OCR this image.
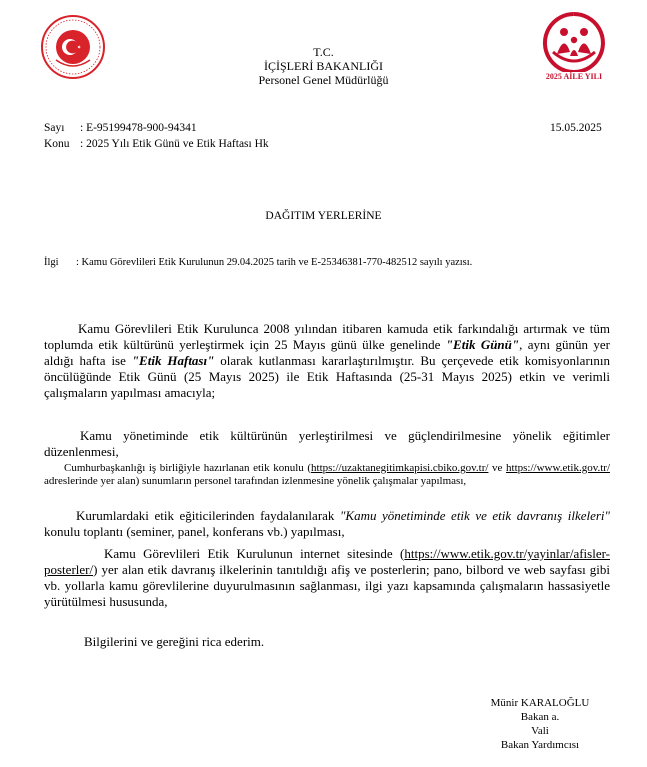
T.C.
İÇİŞLERİ BAKANLIĞI
Personel Genel Müdürlüğü	2025 AİLE YILI
Sayı : E-95199478-900-94341	15.05.2025
Konu : 2025 Yılı Etik Günü ve Etik Haftası Hk
DAĞITIM YERLERİNE
İlgi : Kamu Görevlileri Etik Kurulunun 29.04.2025 tarih ve E-25346381-770-482512 sayılı yazısı.
Kamu Görevlileri Etik Kurulunca 2008 yılından itibaren kamuda etik farkındalığı artırmak ve tüm toplumda etik kültürünü yerleştirmek için 25 Mayıs günü ülke genelinde "Etik Günü", aynı günün yer aldığı hafta ise "Etik Haftası" olarak kutlanması kararlaştırılmıştır. Bu çerçevede etik komisyonlarının öncülüğünde Etik Günü (25 Mayıs 2025) ile Etik Haftasında (25-31 Mayıs 2025) etkin ve verimli çalışmaların yapılması amacıyla;
Kamu yönetiminde etik kültürünün yerleştirilmesi ve güçlendirilmesine yönelik eğitimler düzenlenmesi,
Cumhurbaşkanlığı iş birliğiyle hazırlanan etik konulu (https://uzaktanegitimkapisi.cbiko.gov.tr/ ve https://www.etik.gov.tr/ adreslerinde yer alan) sunumların personel tarafından izlenmesine yönelik çalışmalar yapılması,
Kurumlardaki etik eğiticilerinden faydalanılarak "Kamu yönetiminde etik ve etik davranış ilkeleri" konulu toplantı (seminer, panel, konferans vb.) yapılması,
Kamu Görevlileri Etik Kurulunun internet sitesinde (https://www.etik.gov.tr/yayinlar/afisler-posterler/) yer alan etik davranış ilkelerinin tanıtıldığı afiş ve posterlerin; pano, bilbord ve web sayfası gibi vb. yollarla kamu görevlilerine duyurulmasının sağlanması, ilgi yazı kapsamında çalışmaların hassasiyetle yürütülmesi hususunda,
Bilgilerini ve gereğini rica ederim.
Münir KARALOĞLU
Bakan a.
Vali
Bakan Yardımcısı
